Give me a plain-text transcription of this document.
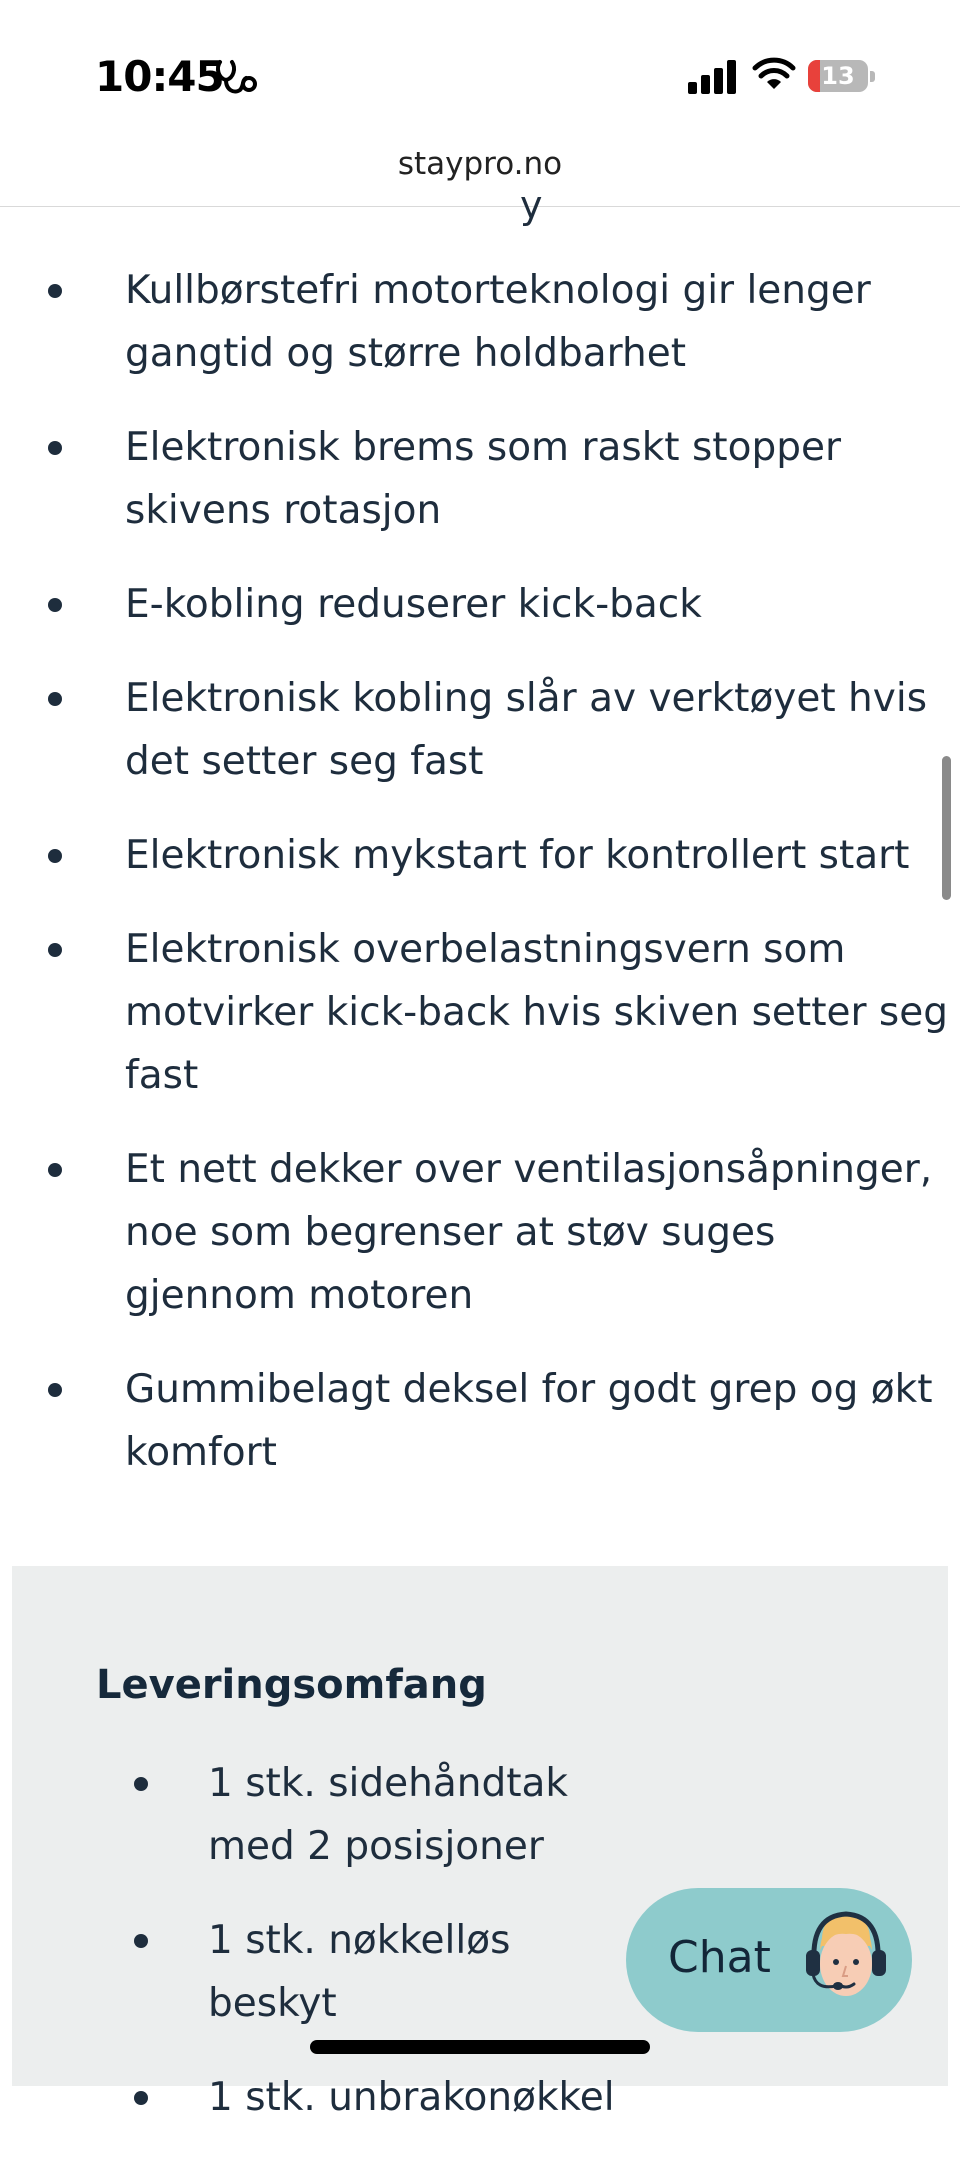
10:45	13
staypro.no
y
Kullbørstefri motorteknologi gir lenger gangtid og større holdbarhet
Elektronisk brems som raskt stopper skivens rotasjon
E-kobling reduserer kick-back
Elektronisk kobling slår av verktøyet hvis det setter seg fast
Elektronisk mykstart for kontrollert start
Elektronisk overbelastningsvern som motvirker kick-back hvis skiven setter seg fast
Et nett dekker over ventilasjonsåpninger, noe som begrenser at støv suges gjennom motoren
Gummibelagt deksel for godt grep og økt komfort
Leveringsomfang
1 stk. sidehåndtak med 2 posisjoner
1 stk. nøkkelløs beskyt
1 stk. unbrakonøkkel
Chat
